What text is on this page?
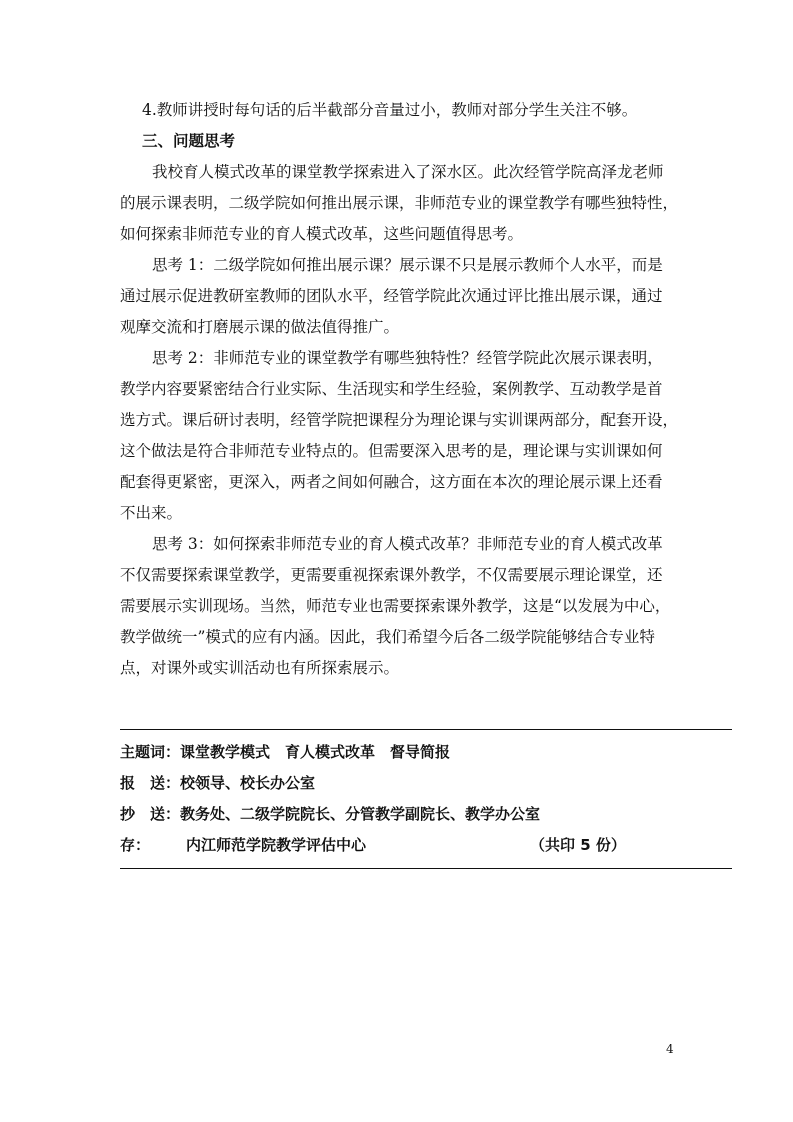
4.教师讲授时每句话的后半截部分音量过小，教师对部分学生关注不够。
三、问题思考
我校育人模式改革的课堂教学探索进入了深水区。此次经管学院高泽龙老师
的展示课表明，二级学院如何推出展示课，非师范专业的课堂教学有哪些独特性，
如何探索非师范专业的育人模式改革，这些问题值得思考。
思考 1：二级学院如何推出展示课？展示课不只是展示教师个人水平，而是
通过展示促进教研室教师的团队水平，经管学院此次通过评比推出展示课，通过
观摩交流和打磨展示课的做法值得推广。
思考 2：非师范专业的课堂教学有哪些独特性？经管学院此次展示课表明，
教学内容要紧密结合行业实际、生活现实和学生经验，案例教学、互动教学是首
选方式。课后研讨表明，经管学院把课程分为理论课与实训课两部分，配套开设，
这个做法是符合非师范专业特点的。但需要深入思考的是，理论课与实训课如何
配套得更紧密，更深入，两者之间如何融合，这方面在本次的理论展示课上还看
不出来。
思考 3：如何探索非师范专业的育人模式改革？非师范专业的育人模式改革
不仅需要探索课堂教学，更需要重视探索课外教学，不仅需要展示理论课堂，还
需要展示实训现场。当然，师范专业也需要探索课外教学，这是“以发展为中心，
教学做统一”模式的应有内涵。因此，我们希望今后各二级学院能够结合专业特
点，对课外或实训活动也有所探索展示。
主题词：课堂教学模式　育人模式改革　督导简报
报　送：校领导、校长办公室
抄　送：教务处、二级学院院长、分管教学副院长、教学办公室
存： 内江师范学院教学评估中心	（共印 5 份）
4
